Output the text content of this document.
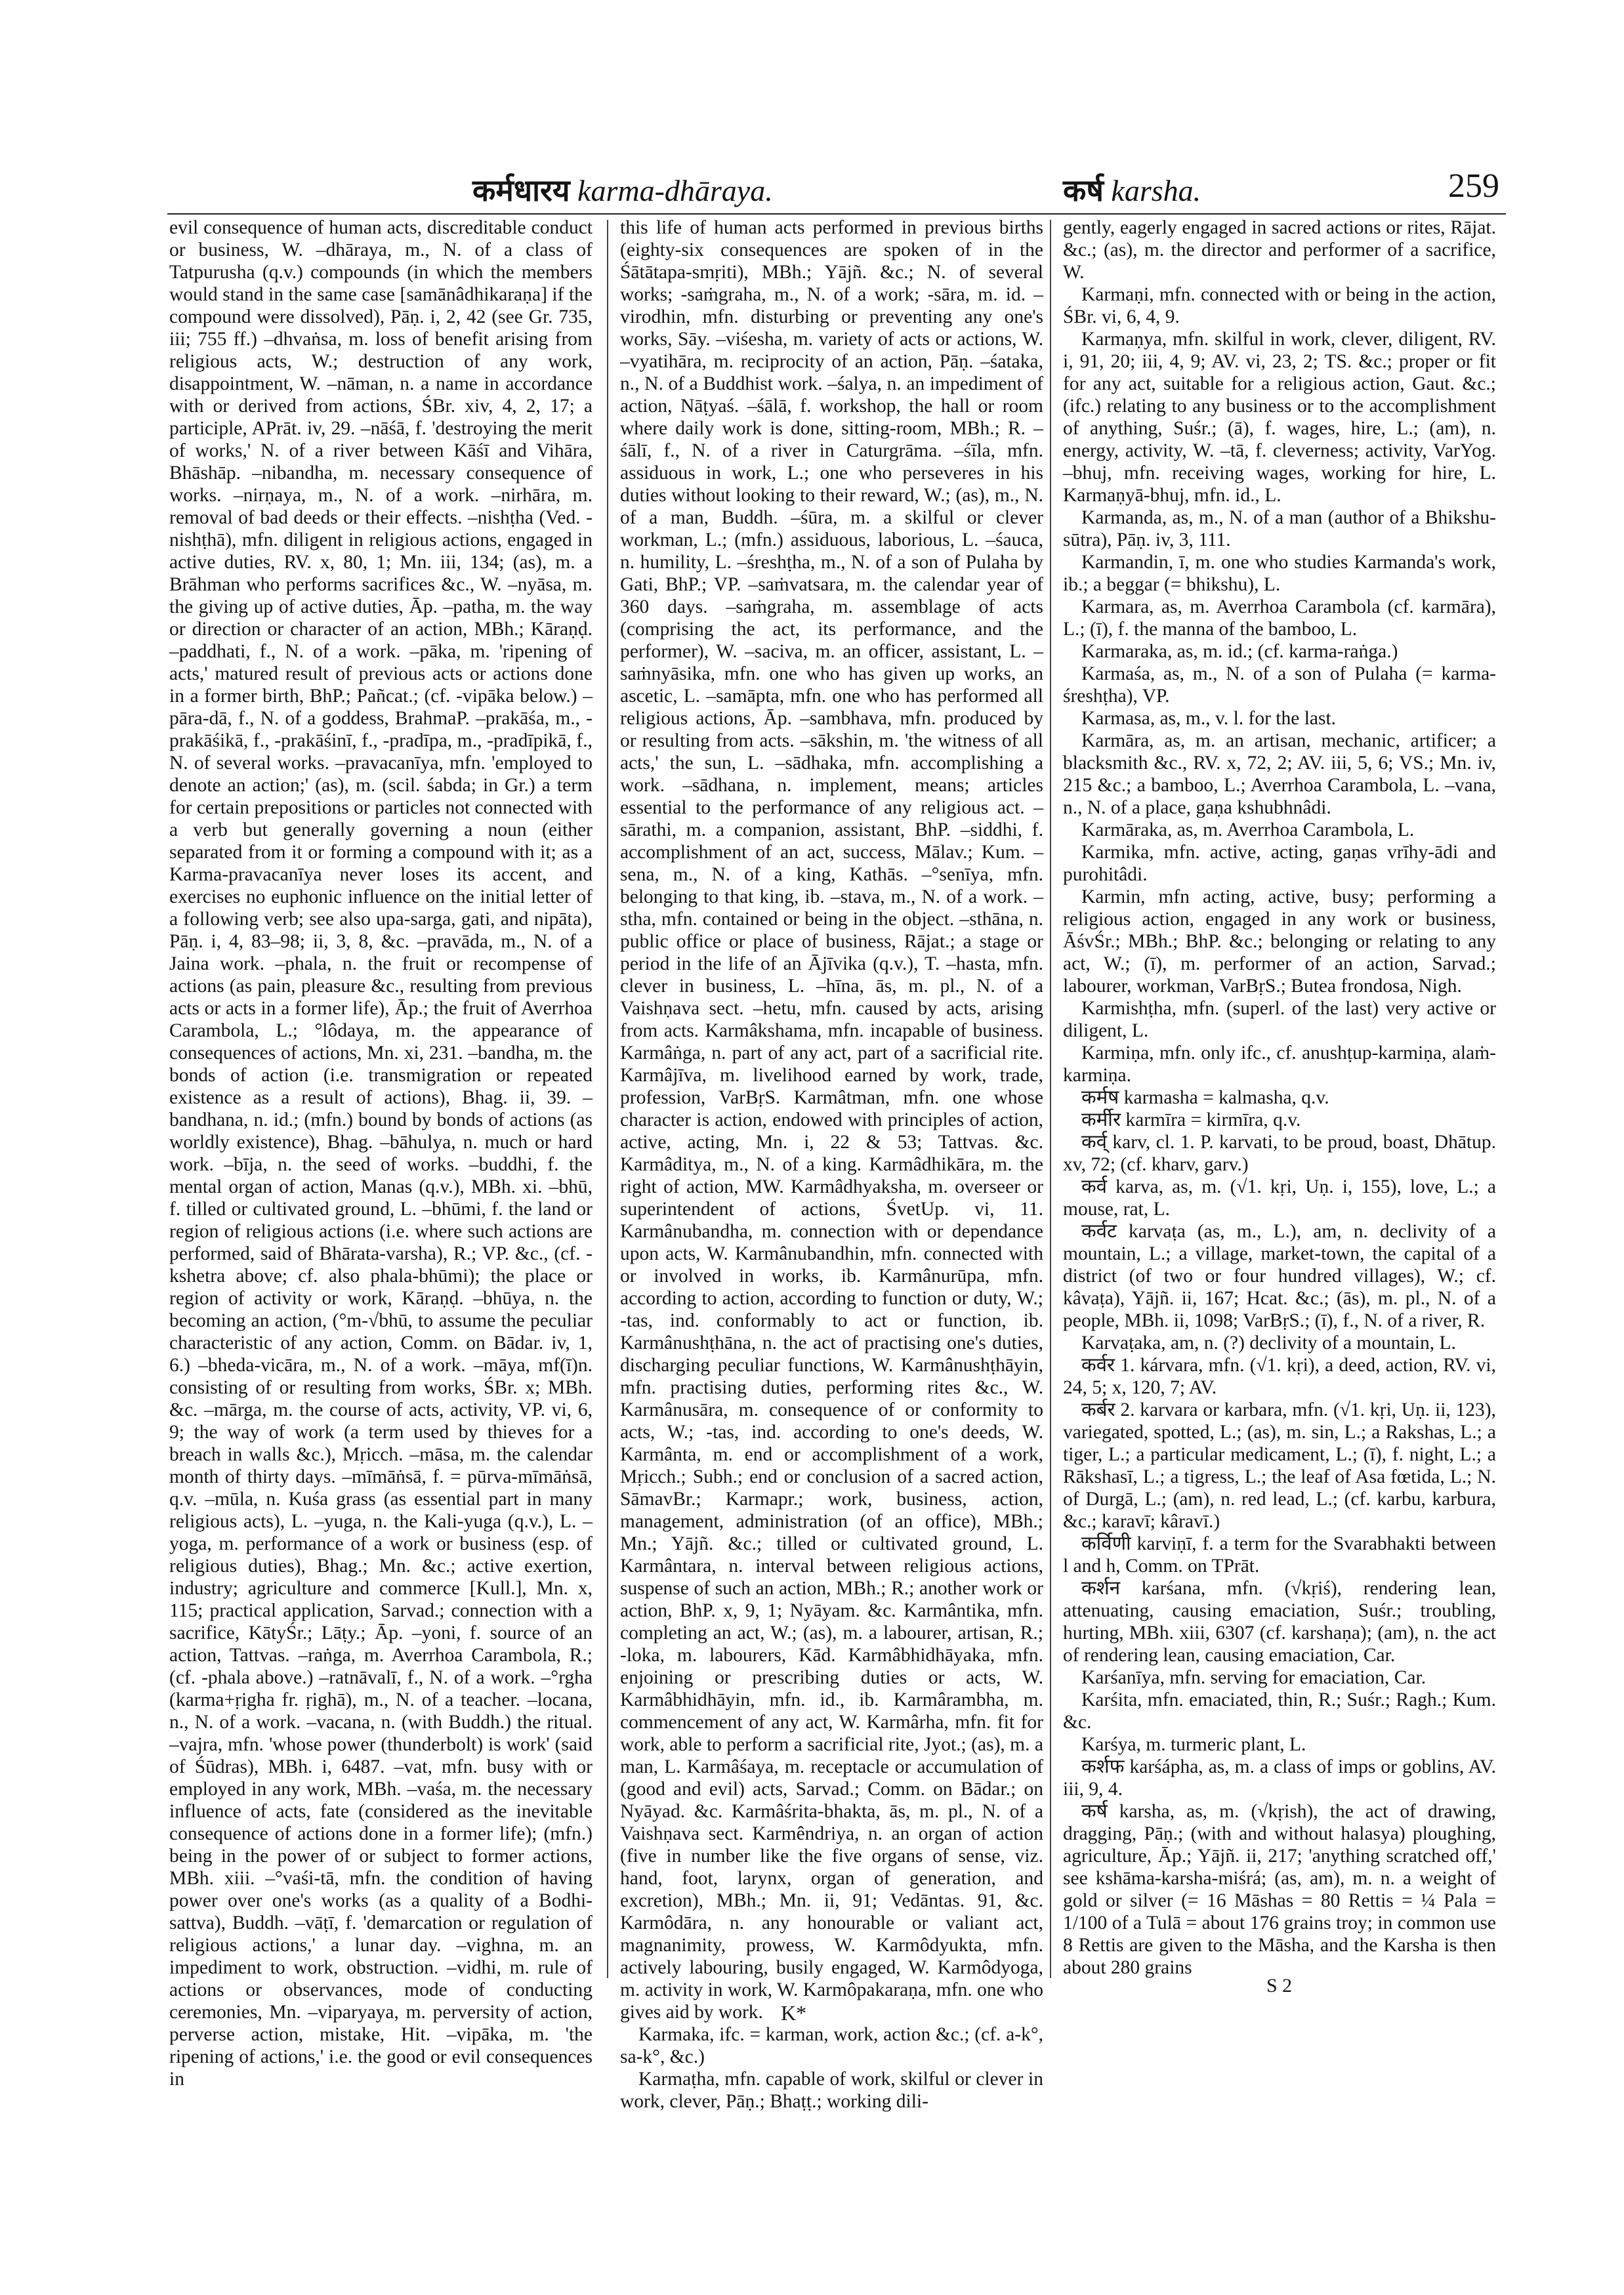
कर्मधारय karma-dhāraya.	कर्ष karsha.	259

evil consequence of human acts, discreditable conduct or business, W. –dhāraya, m., N. of a class of Tatpurusha (q.v.) compounds (in which the members would stand in the same case [samānâdhikaraṇa] if the compound were dissolved), Pāṇ. i, 2, 42 (see Gr. 735, iii; 755 ff.) –dhvaṅsa, m. loss of benefit arising from religious acts, W.; destruction of any work, disappointment, W. –nāman, n. a name in accordance with or derived from actions, ŚBr. xiv, 4, 2, 17; a participle, APrāt. iv, 29. –nāśā, f. 'destroying the merit of works,' N. of a river between Kāśī and Vihāra, Bhāshāp. –nibandha, m. necessary consequence of works. –nirṇaya, m., N. of a work. –nirhāra, m. removal of bad deeds or their effects. –nishṭha (Ved. -nishṭhā), mfn. diligent in religious actions, engaged in active duties, RV. x, 80, 1; Mn. iii, 134; (as), m. a Brāhman who performs sacrifices &c., W. –nyāsa, m. the giving up of active duties, Āp. –patha, m. the way or direction or character of an action, MBh.; Kāraṇḍ. –paddhati, f., N. of a work. –pāka, m. 'ripening of acts,' matured result of previous acts or actions done in a former birth, BhP.; Pañcat.; (cf. -vipāka below.) –pāra-dā, f., N. of a goddess, BrahmaP. –prakāśa, m., -prakāśikā, f., -prakāśinī, f., -pradīpa, m., -pradīpikā, f., N. of several works. –pravacanīya, mfn. 'employed to denote an action;' (as), m. (scil. śabda; in Gr.) a term for certain prepositions or particles not connected with a verb but generally governing a noun (either separated from it or forming a compound with it; as a Karma-pravacanīya never loses its accent, and exercises no euphonic influence on the initial letter of a following verb; see also upa-sarga, gati, and nipāta), Pāṇ. i, 4, 83–98; ii, 3, 8, &c. –pravāda, m., N. of a Jaina work. –phala, n. the fruit or recompense of actions (as pain, pleasure &c., resulting from previous acts or acts in a former life), Āp.; the fruit of Averrhoa Carambola, L.; °lôdaya, m. the appearance of consequences of actions, Mn. xi, 231. –bandha, m. the bonds of action (i.e. transmigration or repeated existence as a result of actions), Bhag. ii, 39. –bandhana, n. id.; (mfn.) bound by bonds of actions (as worldly existence), Bhag. –bāhulya, n. much or hard work. –bīja, n. the seed of works. –buddhi, f. the mental organ of action, Manas (q.v.), MBh. xi. –bhū, f. tilled or cultivated ground, L. –bhūmi, f. the land or region of religious actions (i.e. where such actions are performed, said of Bhārata-varsha), R.; VP. &c., (cf. -kshetra above; cf. also phala-bhūmi); the place or region of activity or work, Kāraṇḍ. –bhūya, n. the becoming an action, (°m-√bhū, to assume the peculiar characteristic of any action, Comm. on Bādar. iv, 1, 6.) –bheda-vicāra, m., N. of a work. –māya, mf(ī)n. consisting of or resulting from works, ŚBr. x; MBh. &c. –mārga, m. the course of acts, activity, VP. vi, 6, 9; the way of work (a term used by thieves for a breach in walls &c.), Mṛicch. –māsa, m. the calendar month of thirty days. –mīmāṅsā, f. = pūrva-mīmāṅsā, q.v. –mūla, n. Kuśa grass (as essential part in many religious acts), L. –yuga, n. the Kali-yuga (q.v.), L. –yoga, m. performance of a work or business (esp. of religious duties), Bhag.; Mn. &c.; active exertion, industry; agriculture and commerce [Kull.], Mn. x, 115; practical application, Sarvad.; connection with a sacrifice, KātyŚr.; Lāṭy.; Āp. –yoni, f. source of an action, Tattvas. –raṅga, m. Averrhoa Carambola, R.; (cf. -phala above.) –ratnāvalī, f., N. of a work. –°rgha (karma+ṛigha fr. ṛighā), m., N. of a teacher. –locana, n., N. of a work. –vacana, n. (with Buddh.) the ritual. –vajra, mfn. 'whose power (thunderbolt) is work' (said of Śūdras), MBh. i, 6487. –vat, mfn. busy with or employed in any work, MBh. –vaśa, m. the necessary influence of acts, fate (considered as the inevitable consequence of actions done in a former life); (mfn.) being in the power of or subject to former actions, MBh. xiii. –°vaśi-tā, mfn. the condition of having power over one's works (as a quality of a Bodhi-sattva), Buddh. –vāṭī, f. 'demarcation or regulation of religious actions,' a lunar day. –vighna, m. an impediment to work, obstruction. –vidhi, m. rule of actions or observances, mode of conducting ceremonies, Mn. –viparyaya, m. perversity of action, perverse action, mistake, Hit. –vipāka, m. 'the ripening of actions,' i.e. the good or evil consequences in

this life of human acts performed in previous births (eighty-six consequences are spoken of in the Śātātapa-smṛiti), MBh.; Yājñ. &c.; N. of several works; -saṁgraha, m., N. of a work; -sāra, m. id. –virodhin, mfn. disturbing or preventing any one's works, Sāy. –viśesha, m. variety of acts or actions, W. –vyatihāra, m. reciprocity of an action, Pāṇ. –śataka, n., N. of a Buddhist work. –śalya, n. an impediment of action, Nāṭyaś. –śālā, f. workshop, the hall or room where daily work is done, sitting-room, MBh.; R. –śālī, f., N. of a river in Caturgrāma. –śīla, mfn. assiduous in work, L.; one who perseveres in his duties without looking to their reward, W.; (as), m., N. of a man, Buddh. –śūra, m. a skilful or clever workman, L.; (mfn.) assiduous, laborious, L. –śauca, n. humility, L. –śreshṭha, m., N. of a son of Pulaha by Gati, BhP.; VP. –saṁvatsara, m. the calendar year of 360 days. –saṁgraha, m. assemblage of acts (comprising the act, its performance, and the performer), W. –saciva, m. an officer, assistant, L. –saṁnyāsika, mfn. one who has given up works, an ascetic, L. –samāpta, mfn. one who has performed all religious actions, Āp. –sambhava, mfn. produced by or resulting from acts. –sākshin, m. 'the witness of all acts,' the sun, L. –sādhaka, mfn. accomplishing a work. –sādhana, n. implement, means; articles essential to the performance of any religious act. –sārathi, m. a companion, assistant, BhP. –siddhi, f. accomplishment of an act, success, Mālav.; Kum. –sena, m., N. of a king, Kathās. –°senīya, mfn. belonging to that king, ib. –stava, m., N. of a work. –stha, mfn. contained or being in the object. –sthāna, n. public office or place of business, Rājat.; a stage or period in the life of an Ājīvika (q.v.), T. –hasta, mfn. clever in business, L. –hīna, ās, m. pl., N. of a Vaishṇava sect. –hetu, mfn. caused by acts, arising from acts. Karmâkshama, mfn. incapable of business. Karmâṅga, n. part of any act, part of a sacrificial rite. Karmâjīva, m. livelihood earned by work, trade, profession, VarBṛS. Karmâtman, mfn. one whose character is action, endowed with principles of action, active, acting, Mn. i, 22 & 53; Tattvas. &c. Karmâditya, m., N. of a king. Karmâdhikāra, m. the right of action, MW. Karmâdhyaksha, m. overseer or superintendent of actions, ŚvetUp. vi, 11. Karmânubandha, m. connection with or dependance upon acts, W. Karmânubandhin, mfn. connected with or involved in works, ib. Karmânurūpa, mfn. according to action, according to function or duty, W.; -tas, ind. conformably to act or function, ib. Karmânushṭhāna, n. the act of practising one's duties, discharging peculiar functions, W. Karmânushṭhāyin, mfn. practising duties, performing rites &c., W. Karmânusāra, m. consequence of or conformity to acts, W.; -tas, ind. according to one's deeds, W. Karmânta, m. end or accomplishment of a work, Mṛicch.; Subh.; end or conclusion of a sacred action, SāmavBr.; Karmapr.; work, business, action, management, administration (of an office), MBh.; Mn.; Yājñ. &c.; tilled or cultivated ground, L. Karmântara, n. interval between religious actions, suspense of such an action, MBh.; R.; another work or action, BhP. x, 9, 1; Nyāyam. &c. Karmântika, mfn. completing an act, W.; (as), m. a labourer, artisan, R.; -loka, m. labourers, Kād. Karmâbhidhāyaka, mfn. enjoining or prescribing duties or acts, W. Karmâbhidhāyin, mfn. id., ib. Karmârambha, m. commencement of any act, W. Karmârha, mfn. fit for work, able to perform a sacrificial rite, Jyot.; (as), m. a man, L. Karmâśaya, m. receptacle or accumulation of (good and evil) acts, Sarvad.; Comm. on Bādar.; on Nyāyad. &c. Karmâśrita-bhakta, ās, m. pl., N. of a Vaishṇava sect. Karmêndriya, n. an organ of action (five in number like the five organs of sense, viz. hand, foot, larynx, organ of generation, and excretion), MBh.; Mn. ii, 91; Vedāntas. 91, &c. Karmôdāra, n. any honourable or valiant act, magnanimity, prowess, W. Karmôdyukta, mfn. actively labouring, busily engaged, W. Karmôdyoga, m. activity in work, W. Karmôpakaraṇa, mfn. one who gives aid by work.

Karmaka, ifc. = karman, work, action &c.; (cf. a-k°, sa-k°, &c.)

Karmaṭha, mfn. capable of work, skilful or clever in work, clever, Pāṇ.; Bhaṭṭ.; working dili-

gently, eagerly engaged in sacred actions or rites, Rājat. &c.; (as), m. the director and performer of a sacrifice, W.

Karmaṇi, mfn. connected with or being in the action, ŚBr. vi, 6, 4, 9.

Karmaṇya, mfn. skilful in work, clever, diligent, RV. i, 91, 20; iii, 4, 9; AV. vi, 23, 2; TS. &c.; proper or fit for any act, suitable for a religious action, Gaut. &c.; (ifc.) relating to any business or to the accomplishment of anything, Suśr.; (ā), f. wages, hire, L.; (am), n. energy, activity, W. –tā, f. cleverness; activity, VarYog. –bhuj, mfn. receiving wages, working for hire, L. Karmaṇyā-bhuj, mfn. id., L.

Karmanda, as, m., N. of a man (author of a Bhikshu-sūtra), Pāṇ. iv, 3, 111.

Karmandin, ī, m. one who studies Karmanda's work, ib.; a beggar (= bhikshu), L.

Karmara, as, m. Averrhoa Carambola (cf. karmāra), L.; (ī), f. the manna of the bamboo, L.

Karmaraka, as, m. id.; (cf. karma-raṅga.)

Karmaśa, as, m., N. of a son of Pulaha (= karma-śreshṭha), VP.

Karmasa, as, m., v. l. for the last.

Karmāra, as, m. an artisan, mechanic, artificer; a blacksmith &c., RV. x, 72, 2; AV. iii, 5, 6; VS.; Mn. iv, 215 &c.; a bamboo, L.; Averrhoa Carambola, L. –vana, n., N. of a place, gaṇa kshubhnâdi.

Karmāraka, as, m. Averrhoa Carambola, L.

Karmika, mfn. active, acting, gaṇas vrīhy-ādi and purohitâdi.

Karmin, mfn acting, active, busy; performing a religious action, engaged in any work or business, ĀśvŚr.; MBh.; BhP. &c.; belonging or relating to any act, W.; (ī), m. performer of an action, Sarvad.; labourer, workman, VarBṛS.; Butea frondosa, Nigh.

Karmishṭha, mfn. (superl. of the last) very active or diligent, L.

Karmiṇa, mfn. only ifc., cf. anushṭup-karmiṇa, alaṁ-karmiṇa.

कर्मष karmasha = kalmasha, q.v.

कर्मीर karmīra = kirmīra, q.v.

कर्व् karv, cl. 1. P. karvati, to be proud, boast, Dhātup. xv, 72; (cf. kharv, garv.)

कर्व karva, as, m. (√1. kṛi, Uṇ. i, 155), love, L.; a mouse, rat, L.

कर्वट karvaṭa (as, m., L.), am, n. declivity of a mountain, L.; a village, market-town, the capital of a district (of two or four hundred villages), W.; cf. kâvaṭa), Yājñ. ii, 167; Hcat. &c.; (ās), m. pl., N. of a people, MBh. ii, 1098; VarBṛS.; (ī), f., N. of a river, R.

Karvaṭaka, am, n. (?) declivity of a mountain, L.

कर्वर 1. kárvara, mfn. (√1. kṛi), a deed, action, RV. vi, 24, 5; x, 120, 7; AV.

कर्बर 2. karvara or karbara, mfn. (√1. kṛi, Uṇ. ii, 123), variegated, spotted, L.; (as), m. sin, L.; a Rakshas, L.; a tiger, L.; a particular medicament, L.; (ī), f. night, L.; a Rākshasī, L.; a tigress, L.; the leaf of Asa fœtida, L.; N. of Durgā, L.; (am), n. red lead, L.; (cf. karbu, karbura, &c.; karavī; kâravī.)

कर्विणी karviṇī, f. a term for the Svarabhakti between l and h, Comm. on TPrāt.

कर्शन karśana, mfn. (√kṛiś), rendering lean, attenuating, causing emaciation, Suśr.; troubling, hurting, MBh. xiii, 6307 (cf. karshaṇa); (am), n. the act of rendering lean, causing emaciation, Car.

Karśanīya, mfn. serving for emaciation, Car.

Karśita, mfn. emaciated, thin, R.; Suśr.; Ragh.; Kum. &c.

Karśya, m. turmeric plant, L.

कर्शफ karśápha, as, m. a class of imps or goblins, AV. iii, 9, 4.

कर्ष karsha, as, m. (√kṛish), the act of drawing, dragging, Pāṇ.; (with and without halasya) ploughing, agriculture, Āp.; Yājñ. ii, 217; 'anything scratched off,' see kshāma-karsha-miśrá; (as, am), m. n. a weight of gold or silver (= 16 Māshas = 80 Rettis = ¼ Pala = 1/100 of a Tulā = about 176 grains troy; in common use 8 Rettis are given to the Māsha, and the Karsha is then about 280 grains

S 2
K*
